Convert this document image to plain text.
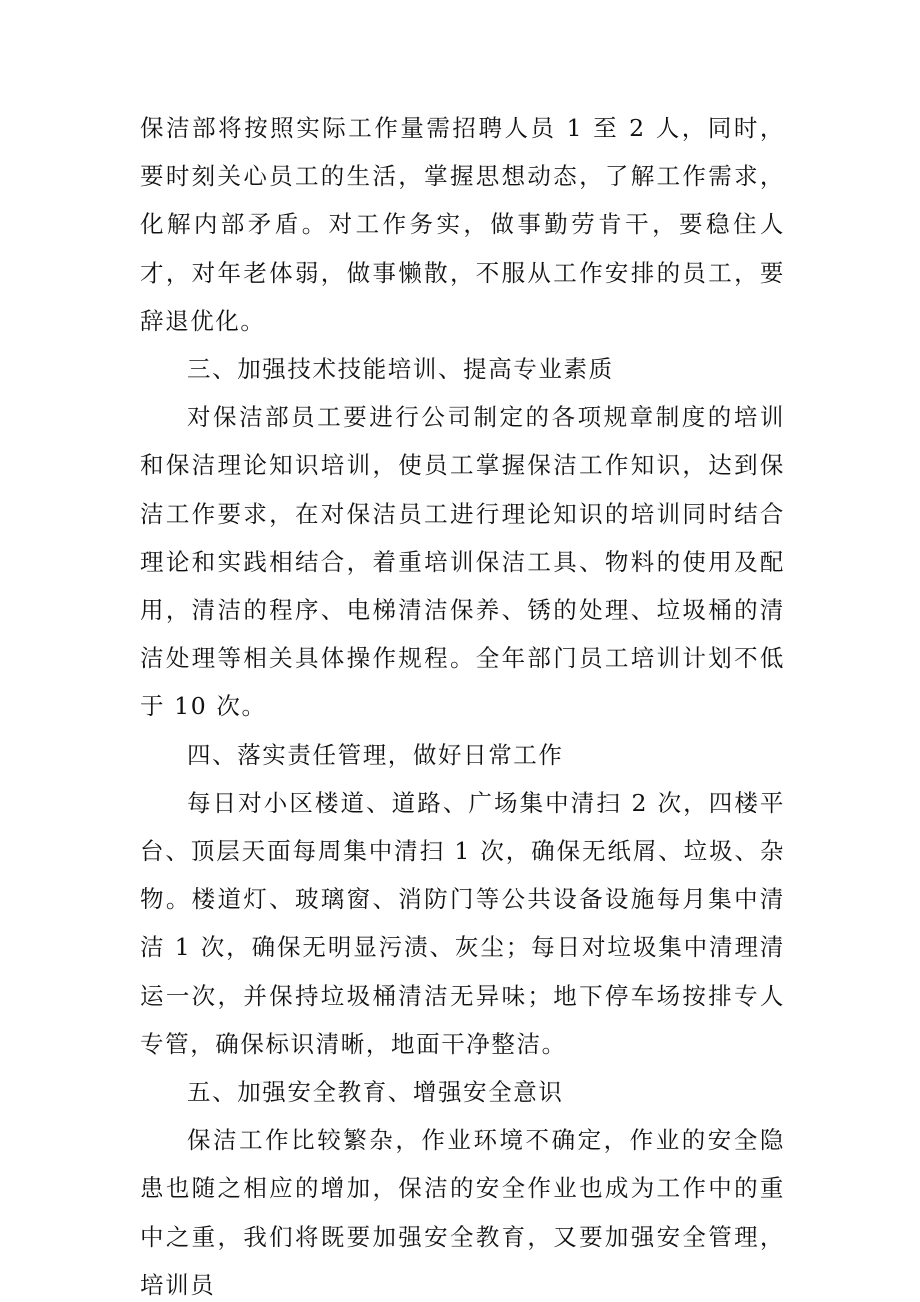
保洁部将按照实际工作量需招聘人员 1 至 2 人，同时，要时刻关心员工的生活，掌握思想动态，了解工作需求，化解内部矛盾。对工作务实，做事勤劳肯干，要稳住人才，对年老体弱，做事懒散，不服从工作安排的员工，要辞退优化。

三、加强技术技能培训、提高专业素质

对保洁部员工要进行公司制定的各项规章制度的培训和保洁理论知识培训，使员工掌握保洁工作知识，达到保洁工作要求，在对保洁员工进行理论知识的培训同时结合理论和实践相结合，着重培训保洁工具、物料的使用及配用，清洁的程序、电梯清洁保养、锈的处理、垃圾桶的清洁处理等相关具体操作规程。全年部门员工培训计划不低于 10 次。

四、落实责任管理，做好日常工作

每日对小区楼道、道路、广场集中清扫 2 次，四楼平台、顶层天面每周集中清扫 1 次，确保无纸屑、垃圾、杂物。楼道灯、玻璃窗、消防门等公共设备设施每月集中清洁 1 次，确保无明显污渍、灰尘；每日对垃圾集中清理清运一次，并保持垃圾桶清洁无异味；地下停车场按排专人专管，确保标识清晰，地面干净整洁。

五、加强安全教育、增强安全意识

保洁工作比较繁杂，作业环境不确定，作业的安全隐患也随之相应的增加，保洁的安全作业也成为工作中的重中之重，我们将既要加强安全教育，又要加强安全管理，培训员
